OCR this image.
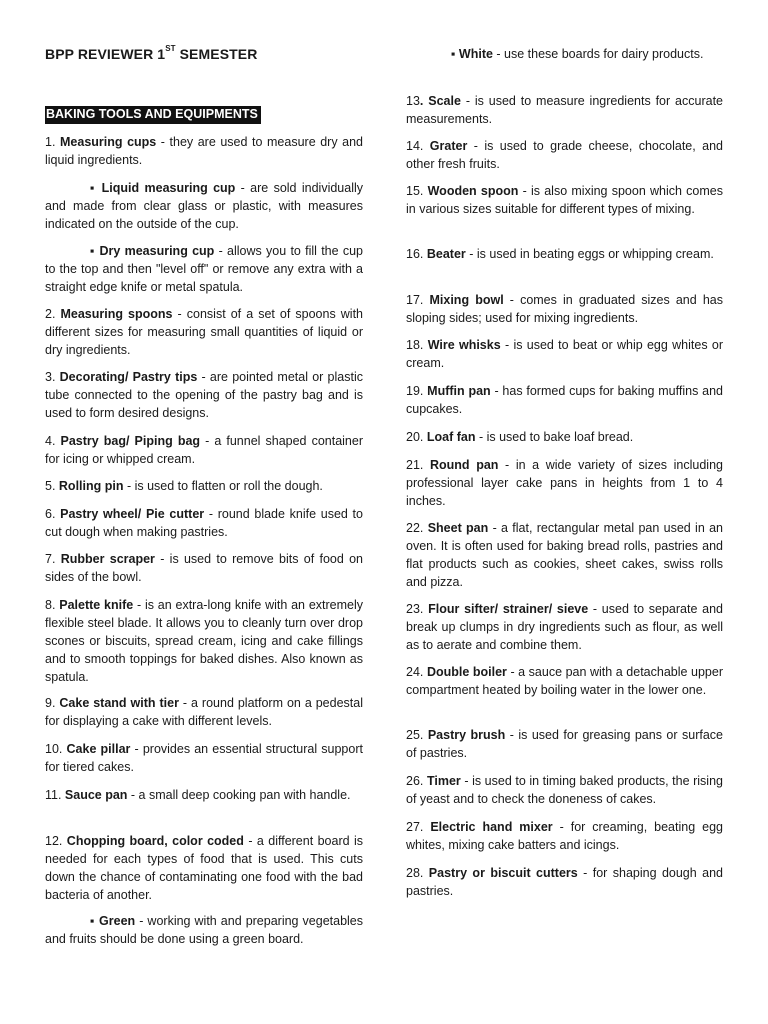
BPP REVIEWER 1ST SEMESTER
BAKING TOOLS AND EQUIPMENTS
1. Measuring cups - they are used to measure dry and liquid ingredients.
▪ Liquid measuring cup - are sold individually and made from clear glass or plastic, with measures indicated on the outside of the cup.
▪ Dry measuring cup - allows you to fill the cup to the top and then "level off" or remove any extra with a straight edge knife or metal spatula.
2. Measuring spoons - consist of a set of spoons with different sizes for measuring small quantities of liquid or dry ingredients.
3. Decorating/ Pastry tips - are pointed metal or plastic tube connected to the opening of the pastry bag and is used to form desired designs.
4. Pastry bag/ Piping bag - a funnel shaped container for icing or whipped cream.
5. Rolling pin - is used to flatten or roll the dough.
6. Pastry wheel/ Pie cutter - round blade knife used to cut dough when making pastries.
7. Rubber scraper - is used to remove bits of food on sides of the bowl.
8. Palette knife - is an extra-long knife with an extremely flexible steel blade. It allows you to cleanly turn over drop scones or biscuits, spread cream, icing and cake fillings and to smooth toppings for baked dishes. Also known as spatula.
9. Cake stand with tier - a round platform on a pedestal for displaying a cake with different levels.
10. Cake pillar - provides an essential structural support for tiered cakes.
11. Sauce pan - a small deep cooking pan with handle.
12. Chopping board, color coded - a different board is needed for each types of food that is used. This cuts down the chance of contaminating one food with the bad bacteria of another.
▪ Green - working with and preparing vegetables and fruits should be done using a green board.
▪ White - use these boards for dairy products.
13. Scale - is used to measure ingredients for accurate measurements.
14. Grater - is used to grade cheese, chocolate, and other fresh fruits.
15. Wooden spoon - is also mixing spoon which comes in various sizes suitable for different types of mixing.
16. Beater - is used in beating eggs or whipping cream.
17. Mixing bowl - comes in graduated sizes and has sloping sides; used for mixing ingredients.
18. Wire whisks - is used to beat or whip egg whites or cream.
19. Muffin pan - has formed cups for baking muffins and cupcakes.
20. Loaf fan - is used to bake loaf bread.
21. Round pan - in a wide variety of sizes including professional layer cake pans in heights from 1 to 4 inches.
22. Sheet pan - a flat, rectangular metal pan used in an oven. It is often used for baking bread rolls, pastries and flat products such as cookies, sheet cakes, swiss rolls and pizza.
23. Flour sifter/ strainer/ sieve - used to separate and break up clumps in dry ingredients such as flour, as well as to aerate and combine them.
24. Double boiler - a sauce pan with a detachable upper compartment heated by boiling water in the lower one.
25. Pastry brush - is used for greasing pans or surface of pastries.
26. Timer - is used to in timing baked products, the rising of yeast and to check the doneness of cakes.
27. Electric hand mixer - for creaming, beating egg whites, mixing cake batters and icings.
28. Pastry or biscuit cutters - for shaping dough and pastries.
